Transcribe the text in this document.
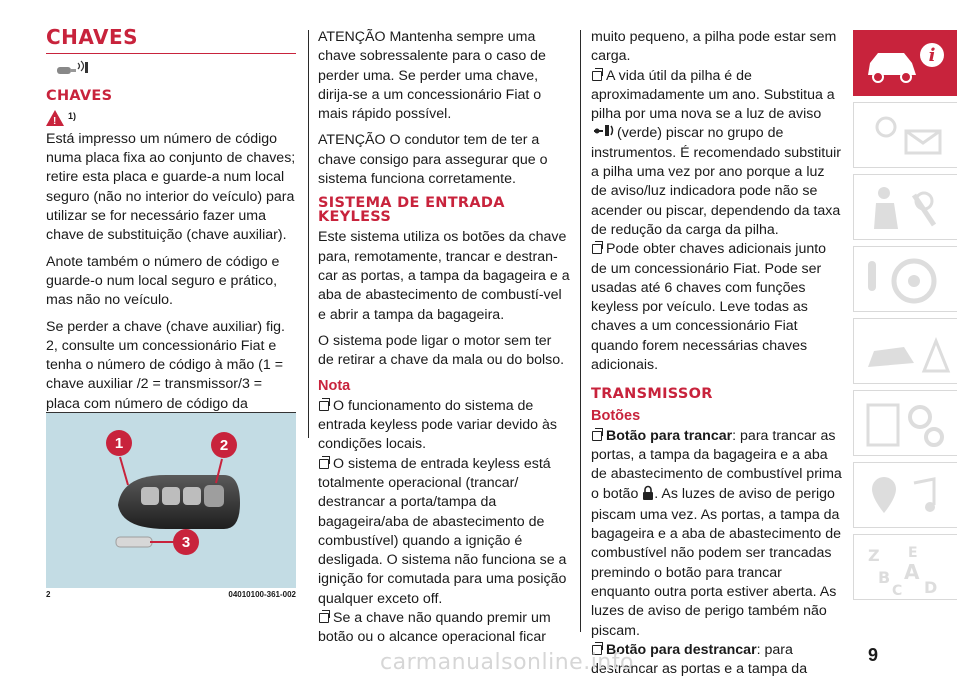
CHAVES
CHAVES
!
1)

Está impresso um número de código numa placa fixa ao conjunto de chaves; retire esta placa e guarde-a num local seguro (não no interior do veículo) para utilizar se for necessário fazer uma chave de substituição (chave auxiliar).

Anote também o número de código e guarde-o num local seguro e prático, mas não no veículo.

Se perder a chave (chave auxiliar) fig. 2, consulte um concessionário Fiat e tenha o número de código à mão (1 = chave auxiliar /2 = transmissor/3 = placa com número de código da

1	2
3
2	04010100-361-002

ATENÇÃO Mantenha sempre uma chave sobressalente para o caso de perder uma. Se perder uma chave, dirija-se a um concessionário Fiat o mais rápido possível.

ATENÇÃO O condutor tem de ter a chave consigo para assegurar que o sistema funciona corretamente.

SISTEMA DE ENTRADA KEYLESS

Este sistema utiliza os botões da chave para, remotamente, trancar e destran-car as portas, a tampa da bagageira e a aba de abastecimento de combustí-vel e abrir a tampa da bagageira.

O sistema pode ligar o motor sem ter de retirar a chave da mala ou do bolso.

Nota
O funcionamento do sistema de entrada keyless pode variar devido às condições locais.
O sistema de entrada keyless está totalmente operacional (trancar/ destrancar a porta/tampa da bagageira/aba de abastecimento de combustível) quando a ignição é desligada. O sistema não funciona se a ignição for comutada para uma posição qualquer exceto off.
Se a chave não quando premir um botão ou o alcance operacional ficar
muito pequeno, a pilha pode estar sem carga.
A vida útil da pilha é de aproximadamente um ano. Substitua a pilha por uma nova se a luz de aviso (verde) piscar no grupo de instrumentos. É recomendado substituir a pilha uma vez por ano porque a luz de aviso/luz indicadora pode não se acender ou piscar, dependendo da taxa de redução da carga da pilha.
Pode obter chaves adicionais junto de um concessionário Fiat. Pode ser usadas até 6 chaves com funções keyless por veículo. Leve todas as chaves a um concessionário Fiat quando forem necessárias chaves adicionais.
TRANSMISSOR
Botões
Botão para trancar: para trancar as portas, a tampa da bagageira e a aba de abastecimento de combustível prima o botão . As luzes de aviso de perigo piscam uma vez. As portas, a tampa da bagageira e a aba de abastecimento de combustível não podem ser trancadas premindo o botão para trancar enquanto outra porta estiver aberta. As luzes de aviso de perigo também não piscam.
Botão para destrancar: para destrancar as portas e a tampa da
i
Z E
B A
C D
9
carmanualsonline.info
